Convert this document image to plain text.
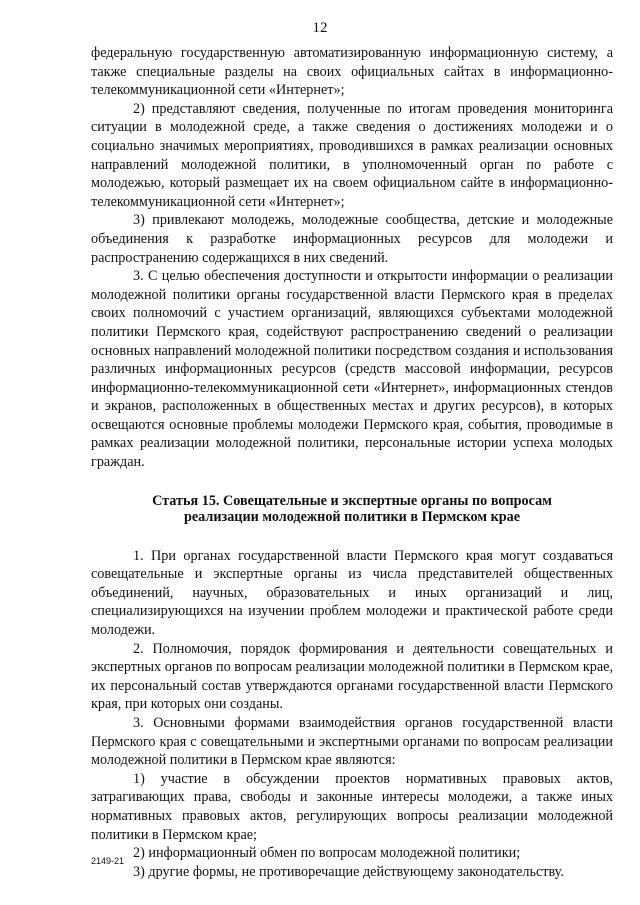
12

федеральную государственную автоматизированную информационную систему, а также специальные разделы на своих официальных сайтах в информационно-телекоммуникационной сети «Интернет»;

2) представляют сведения, полученные по итогам проведения мониторинга ситуации в молодежной среде, а также сведения о достижениях молодежи и о социально значимых мероприятиях, проводившихся в рамках реализации основных направлений молодежной политики, в уполномоченный орган по работе с молодежью, который размещает их на своем официальном сайте в информационно-телекоммуникационной сети «Интернет»;

3) привлекают молодежь, молодежные сообщества, детские и молодежные объединения к разработке информационных ресурсов для молодежи и распространению содержащихся в них сведений.

3. С целью обеспечения доступности и открытости информации о реализации молодежной политики органы государственной власти Пермского края в пределах своих полномочий с участием организаций, являющихся субъектами молодежной политики Пермского края, содействуют распространению сведений о реализации основных направлений молодежной политики посредством создания и использования различных информационных ресурсов (средств массовой информации, ресурсов информационно-телекоммуникационной сети «Интернет», информационных стендов и экранов, расположенных в общественных местах и других ресурсов), в которых освещаются основные проблемы молодежи Пермского края, события, проводимые в рамках реализации молодежной политики, персональные истории успеха молодых граждан.

Статья 15. Совещательные и экспертные органы по вопросам
реализации молодежной политики в Пермском крае

1. При органах государственной власти Пермского края могут создаваться совещательные и экспертные органы из числа представителей общественных объединений, научных, образовательных и иных организаций и лиц, специализирующихся на изучении проблем молодежи и практической работе среди молодежи.

2. Полномочия, порядок формирования и деятельности совещательных и экспертных органов по вопросам реализации молодежной политики в Пермском крае, их персональный состав утверждаются органами государственной власти Пермского края, при которых они созданы.

3. Основными формами взаимодействия органов государственной власти Пермского края с совещательными и экспертными органами по вопросам реализации молодежной политики в Пермском крае являются:

1) участие в обсуждении проектов нормативных правовых актов, затрагивающих права, свободы и законные интересы молодежи, а также иных нормативных правовых актов, регулирующих вопросы реализации молодежной политики в Пермском крае;

2) информационный обмен по вопросам молодежной политики;

3) другие формы, не противоречащие действующему законодательству.

2149-21
